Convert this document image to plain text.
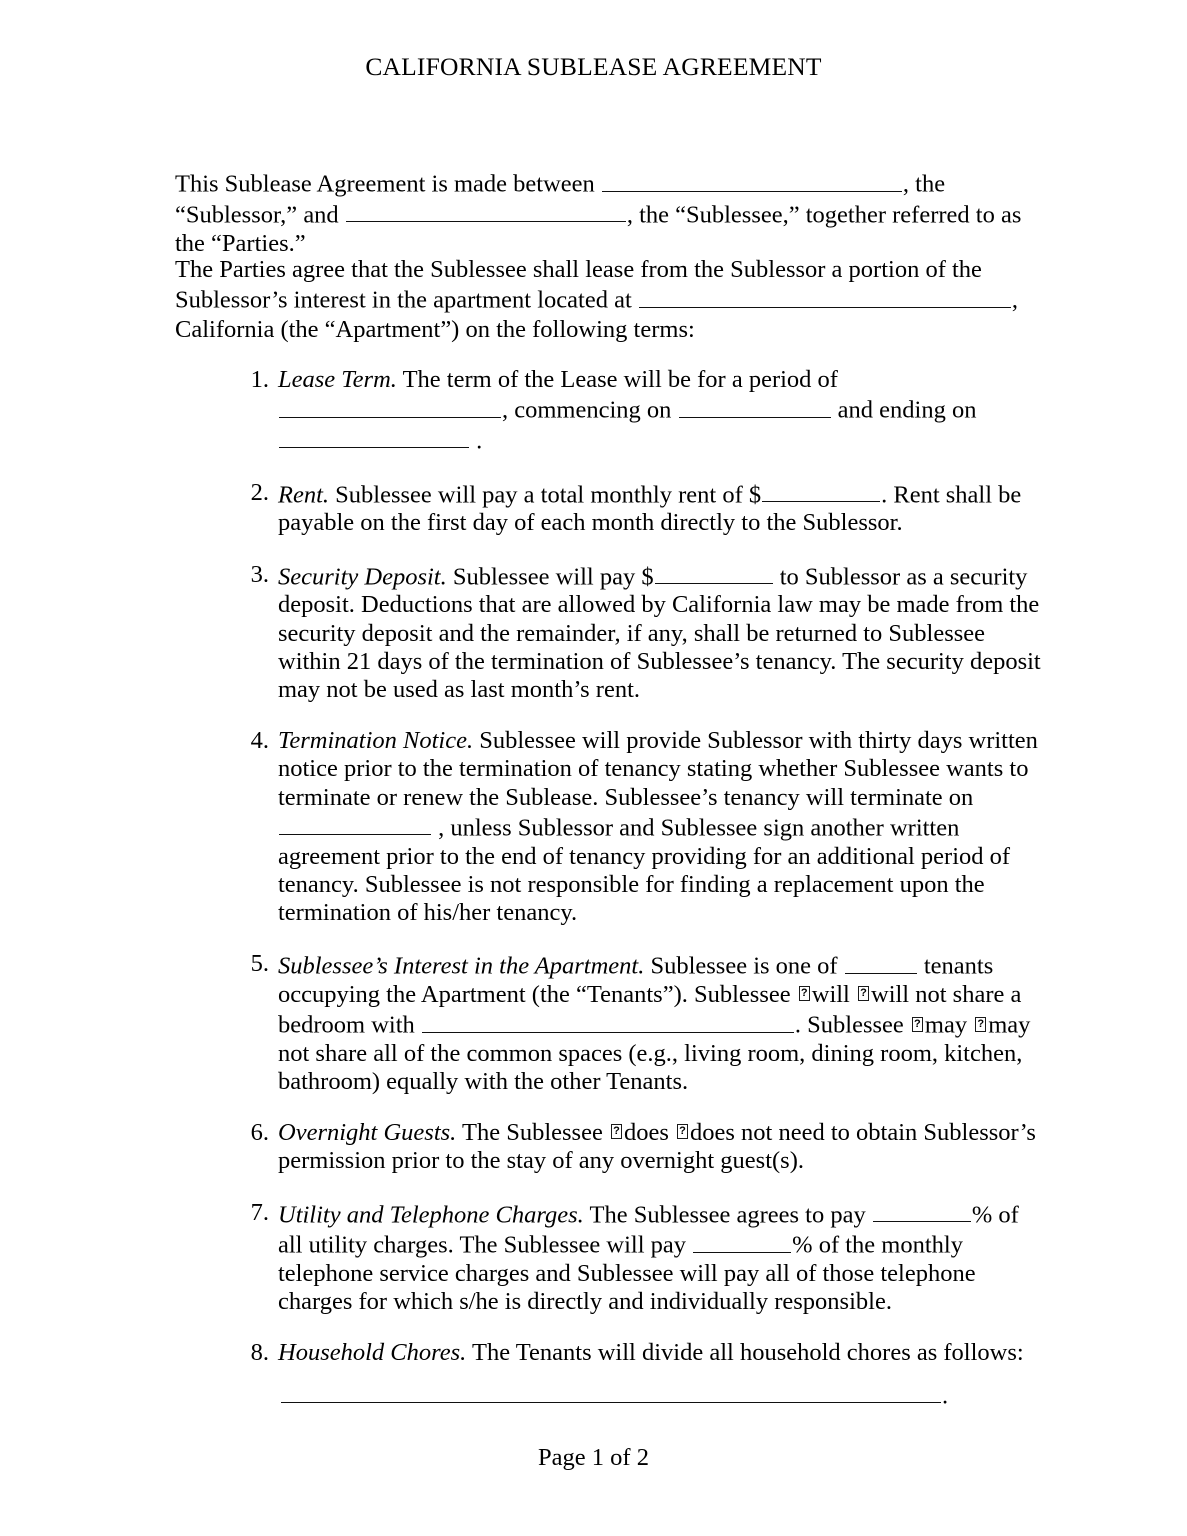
CALIFORNIA SUBLEASE AGREEMENT
This Sublease Agreement is made between	, the “Sublessor,” and	, the “Sublessee,” together referred to as the “Parties.”
The Parties agree that the Sublessee shall lease from the Sublessor a portion of the Sublessor’s interest in the apartment located at	, California (the “Apartment”) on the following terms:
1. Lease Term. The term of the Lease will be for a period of , commencing on	and ending on  .
2. Rent. Sublessee will pay a total monthly rent of $	. Rent shall be payable on the first day of each month directly to the Sublessor.
3. Security Deposit. Sublessee will pay $	to Sublessor as a security deposit. Deductions that are allowed by California law may be made from the security deposit and the remainder, if any, shall be returned to Sublessee within 21 days of the termination of Sublessee’s tenancy. The security deposit may not be used as last month’s rent.
4. Termination Notice. Sublessee will provide Sublessor with thirty days written notice prior to the termination of tenancy stating whether Sublessee wants to terminate or renew the Sublease. Sublessee’s tenancy will terminate on  , unless Sublessor and Sublessee sign another written agreement prior to the end of tenancy providing for an additional period of tenancy. Sublessee is not responsible for finding a replacement upon the termination of his/her tenancy.
5. Sublessee’s Interest in the Apartment. Sublessee is one of	tenants occupying the Apartment (the “Tenants”). Sublessee ? will ? will not share a bedroom with	. Sublessee ? may ? may not share all of the common spaces (e.g., living room, dining room, kitchen, bathroom) equally with the other Tenants.
6. Overnight Guests. The Sublessee ? does ? does not need to obtain Sublessor’s permission prior to the stay of any overnight guest(s).
7. Utility and Telephone Charges. The Sublessee agrees to pay	% of all utility charges. The Sublessee will pay	% of the monthly telephone service charges and Sublessee will pay all of those telephone charges for which s/he is directly and individually responsible.
8. Household Chores. The Tenants will divide all household chores as follows:
.
Page 1 of 2
